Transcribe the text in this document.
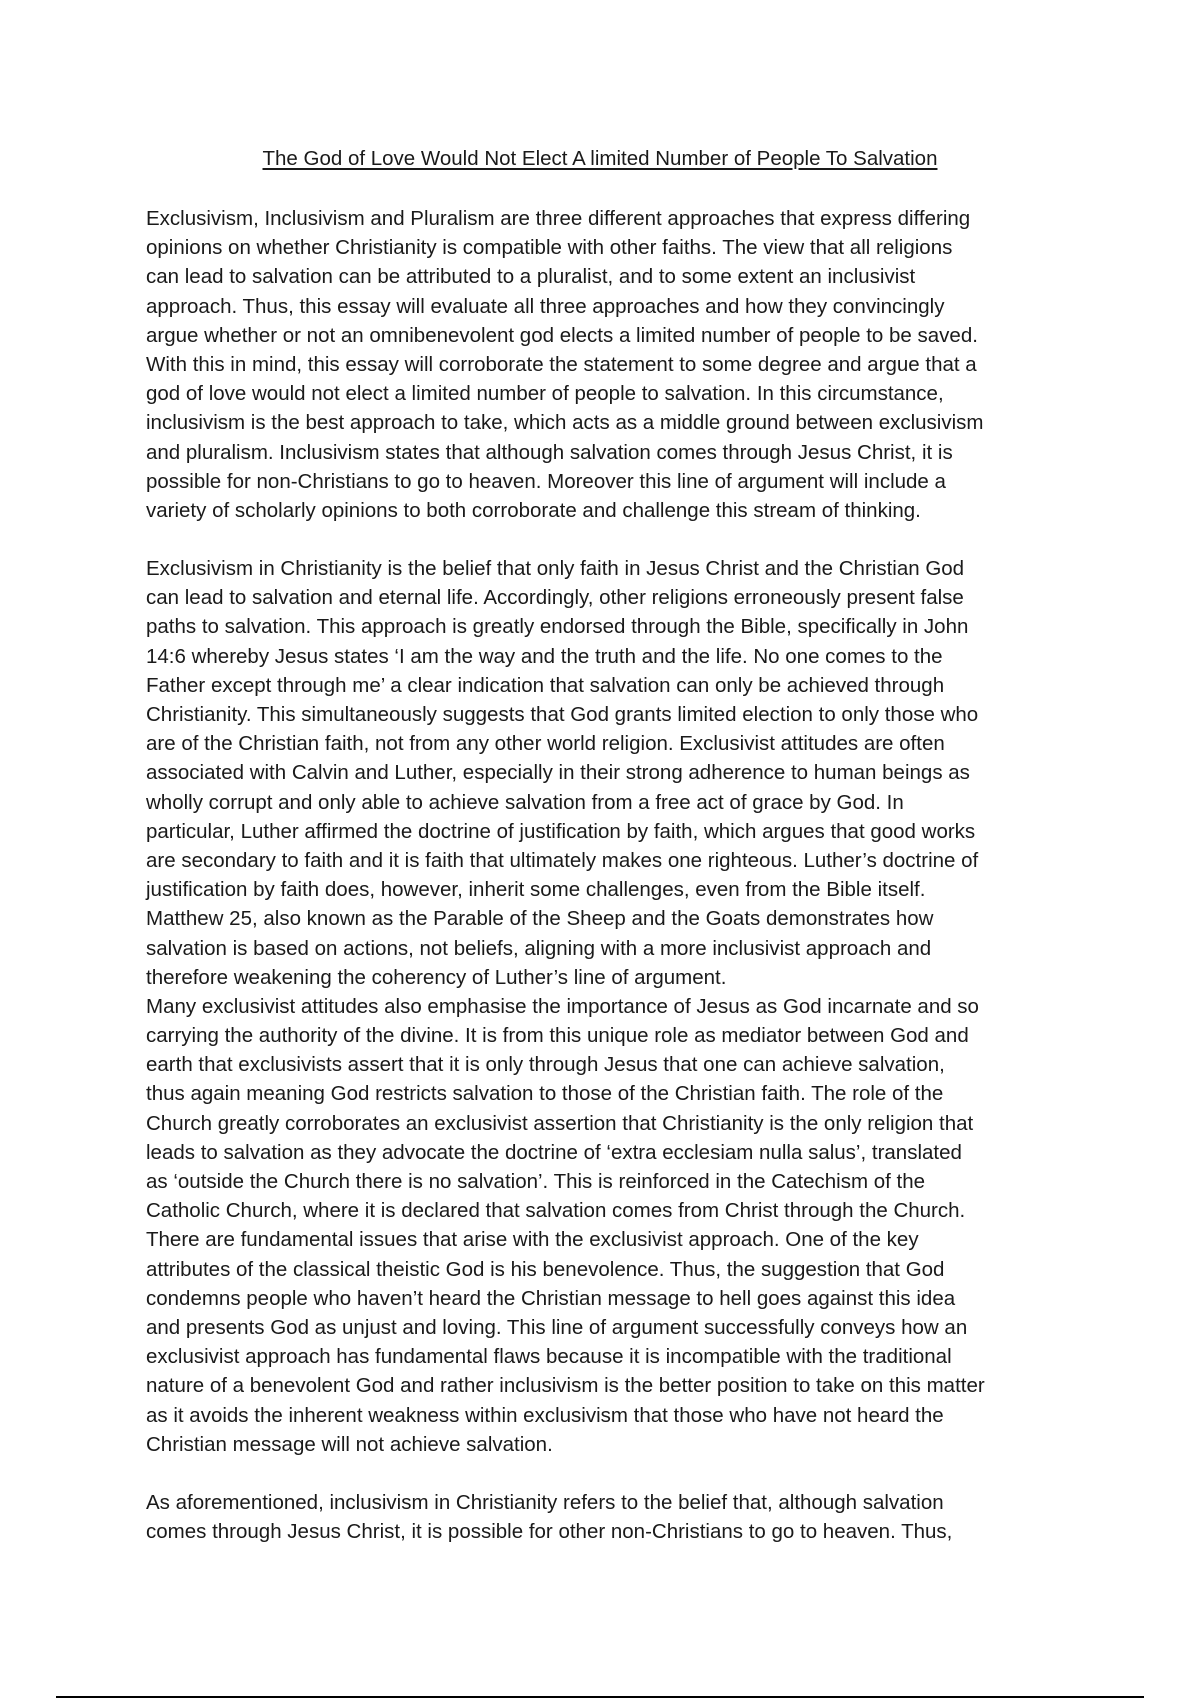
The God of Love Would Not Elect A limited Number of People To Salvation
Exclusivism, Inclusivism and Pluralism are three different approaches that express differing
opinions on whether Christianity is compatible with other faiths. The view that all religions
can lead to salvation can be attributed to a pluralist, and to some extent an inclusivist
approach. Thus, this essay will evaluate all three approaches and how they convincingly
argue whether or not an omnibenevolent god elects a limited number of people to be saved.
With this in mind, this essay will corroborate the statement to some degree and argue that a
god of love would not elect a limited number of people to salvation. In this circumstance,
inclusivism is the best approach to take, which acts as a middle ground between exclusivism
and pluralism. Inclusivism states that although salvation comes through Jesus Christ, it is
possible for non-Christians to go to heaven. Moreover this line of argument will include a
variety of scholarly opinions to both corroborate and challenge this stream of thinking.
Exclusivism in Christianity is the belief that only faith in Jesus Christ and the Christian God
can lead to salvation and eternal life. Accordingly, other religions erroneously present false
paths to salvation. This approach is greatly endorsed through the Bible, specifically in John
14:6 whereby Jesus states ‘I am the way and the truth and the life. No one comes to the
Father except through me’ a clear indication that salvation can only be achieved through
Christianity. This simultaneously suggests that God grants limited election to only those who
are of the Christian faith, not from any other world religion. Exclusivist attitudes are often
associated with Calvin and Luther, especially in their strong adherence to human beings as
wholly corrupt and only able to achieve salvation from a free act of grace by God. In
particular, Luther affirmed the doctrine of justification by faith, which argues that good works
are secondary to faith and it is faith that ultimately makes one righteous. Luther’s doctrine of
justification by faith does, however, inherit some challenges, even from the Bible itself.
Matthew 25, also known as the Parable of the Sheep and the Goats demonstrates how
salvation is based on actions, not beliefs, aligning with a more inclusivist approach and
therefore weakening the coherency of Luther’s line of argument.
Many exclusivist attitudes also emphasise the importance of Jesus as God incarnate and so
carrying the authority of the divine. It is from this unique role as mediator between God and
earth that exclusivists assert that it is only through Jesus that one can achieve salvation,
thus again meaning God restricts salvation to those of the Christian faith. The role of the
Church greatly corroborates an exclusivist assertion that Christianity is the only religion that
leads to salvation as they advocate the doctrine of ‘extra ecclesiam nulla salus’, translated
as ‘outside the Church there is no salvation’. This is reinforced in the Catechism of the
Catholic Church, where it is declared that salvation comes from Christ through the Church.
There are fundamental issues that arise with the exclusivist approach. One of the key
attributes of the classical theistic God is his benevolence. Thus, the suggestion that God
condemns people who haven’t heard the Christian message to hell goes against this idea
and presents God as unjust and loving. This line of argument successfully conveys how an
exclusivist approach has fundamental flaws because it is incompatible with the traditional
nature of a benevolent God and rather inclusivism is the better position to take on this matter
as it avoids the inherent weakness within exclusivism that those who have not heard the
Christian message will not achieve salvation.
As aforementioned, inclusivism in Christianity refers to the belief that, although salvation
comes through Jesus Christ, it is possible for other non-Christians to go to heaven. Thus,
